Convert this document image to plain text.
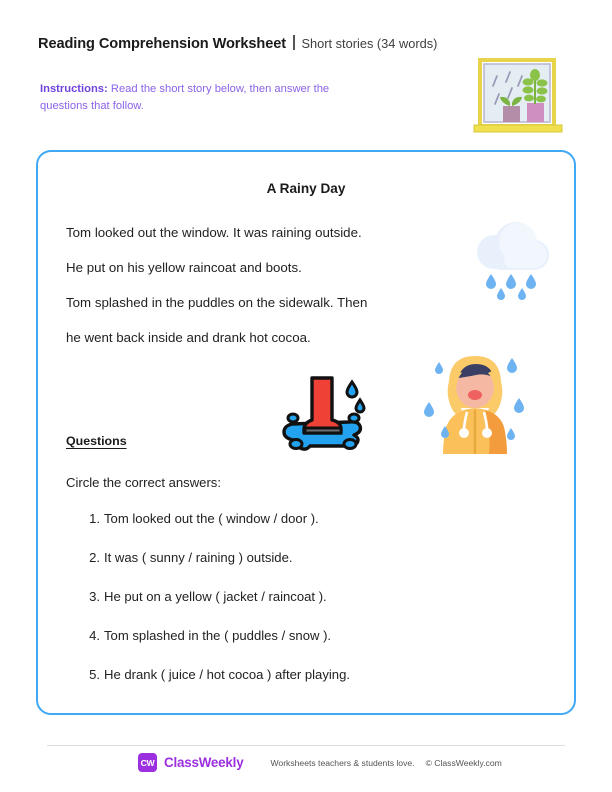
Reading Comprehension Worksheet Short stories (34 words)
Instructions: Read the short story below, then answer the questions that follow.
A Rainy Day

Tom looked out the window. It was raining outside.

He put on his yellow raincoat and boots.

Tom splashed in the puddles on the sidewalk. Then

he went back inside and drank hot cocoa.

Questions
Circle the correct answers:
1. Tom looked out the ( window / door ).
2. It was ( sunny / raining ) outside.
3. He put on a yellow ( jacket / raincoat ).
4. Tom splashed in the ( puddles / snow ).
5. He drank ( juice / hot cocoa ) after playing.
CW ClassWeekly	Worksheets teachers & students love. © ClassWeekly.com
